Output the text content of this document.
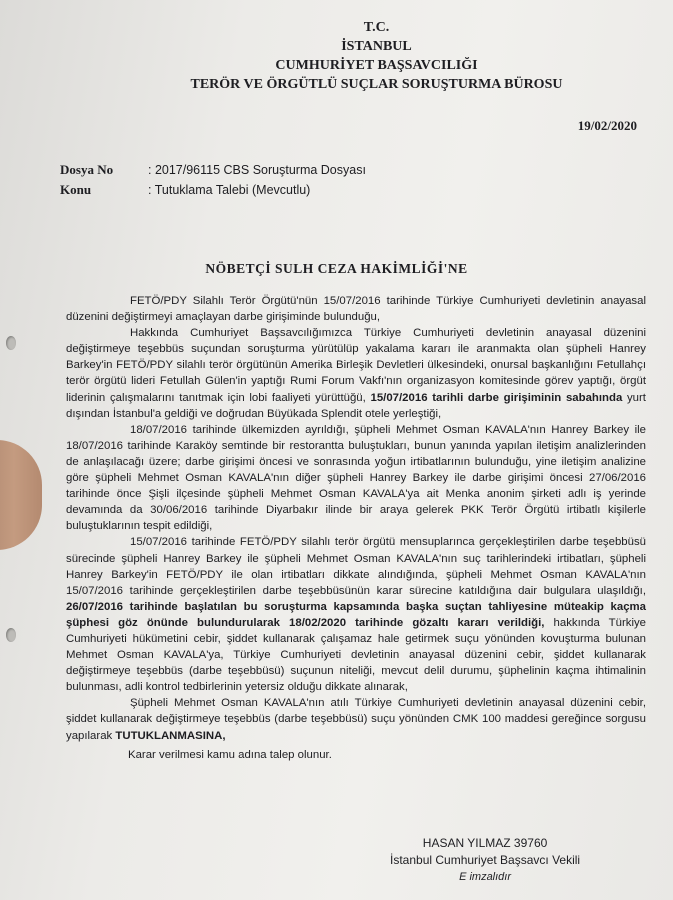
T.C.
İSTANBUL
CUMHURİYET BAŞSAVCILIĞI
TERÖR VE ÖRGÜTLÜ SUÇLAR SORUŞTURMA BÜROSU
19/02/2020
Dosya No	: 2017/96115 CBS Soruşturma Dosyası
Konu	: Tutuklama Talebi (Mevcutlu)
NÖBETÇİ SULH CEZA HAKİMLİĞİ'NE

FETÖ/PDY Silahlı Terör Örgütü'nün 15/07/2016 tarihinde Türkiye Cumhuriyeti devletinin anayasal düzenini değiştirmeyi amaçlayan darbe girişiminde bulunduğu,

Hakkında Cumhuriyet Başsavcılığımızca Türkiye Cumhuriyeti devletinin anayasal düzenini değiştirmeye teşebbüs suçundan soruşturma yürütülüp yakalama kararı ile aranmakta olan şüpheli Hanrey Barkey'in FETÖ/PDY silahlı terör örgütünün Amerika Birleşik Devletleri ülkesindeki, onursal başkanlığını Fetullahçı terör örgütü lideri Fetullah Gülen'in yaptığı Rumi Forum Vakfı'nın organizasyon komitesinde görev yaptığı, örgüt liderinin çalışmalarını tanıtmak için lobi faaliyeti yürüttüğü, 15/07/2016 tarihli darbe girişiminin sabahında yurt dışından İstanbul'a geldiği ve doğrudan Büyükada Splendit otele yerleştiği,

18/07/2016 tarihinde ülkemizden ayrıldığı, şüpheli Mehmet Osman KAVALA'nın Hanrey Barkey ile 18/07/2016 tarihinde Karaköy semtinde bir restorantta buluştukları, bunun yanında yapılan iletişim analizlerinden de anlaşılacağı üzere; darbe girişimi öncesi ve sonrasında yoğun irtibatlarının bulunduğu, yine iletişim analizine göre şüpheli Mehmet Osman KAVALA'nın diğer şüpheli Hanrey Barkey ile darbe girişimi öncesi 27/06/2016 tarihinde önce Şişli ilçesinde şüpheli Mehmet Osman KAVALA'ya ait Menka anonim şirketi adlı iş yerinde devamında da 30/06/2016 tarihinde Diyarbakır ilinde bir araya gelerek PKK Terör Örgütü irtibatlı kişilerle buluştuklarının tespit edildiği,

15/07/2016 tarihinde FETÖ/PDY silahlı terör örgütü mensuplarınca gerçekleştirilen darbe teşebbüsü sürecinde şüpheli Hanrey Barkey ile şüpheli Mehmet Osman KAVALA'nın suç tarihlerindeki irtibatları, şüpheli Hanrey Barkey'in FETÖ/PDY ile olan irtibatları dikkate alındığında, şüpheli Mehmet Osman KAVALA'nın 15/07/2016 tarihinde gerçekleştirilen darbe teşebbüsünün karar sürecine katıldığına dair bulgulara ulaşıldığı, 26/07/2016 tarihinde başlatılan bu soruşturma kapsamında başka suçtan tahliyesine müteakip kaçma şüphesi göz önünde bulundurularak 18/02/2020 tarihinde gözaltı kararı verildiği, hakkında Türkiye Cumhuriyeti hükümetini cebir, şiddet kullanarak çalışamaz hale getirmek suçu yönünden kovuşturma bulunan Mehmet Osman KAVALA'ya, Türkiye Cumhuriyeti devletinin anayasal düzenini cebir, şiddet kullanarak değiştirmeye teşebbüs (darbe teşebbüsü) suçunun niteliği, mevcut delil durumu, şüphelinin kaçma ihtimalinin bulunması, adli kontrol tedbirlerinin yetersiz olduğu dikkate alınarak,

Şüpheli Mehmet Osman KAVALA'nın atılı Türkiye Cumhuriyeti devletinin anayasal düzenini cebir, şiddet kullanarak değiştirmeye teşebbüs (darbe teşebbüsü) suçu yönünden CMK 100 maddesi gereğince sorgusu yapılarak TUTUKLANMASINA,

Karar verilmesi kamu adına talep olunur.

HASAN YILMAZ 39760
İstanbul Cumhuriyet Başsavcı Vekili
E imzalıdır
